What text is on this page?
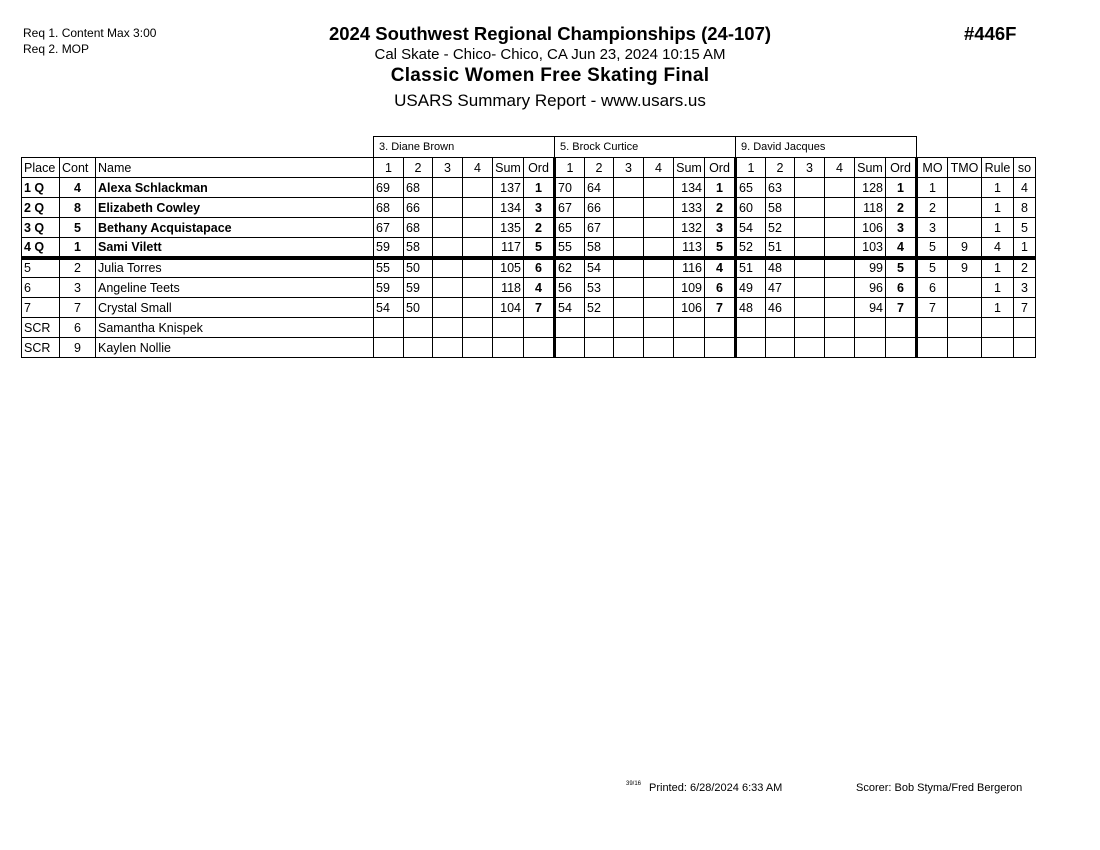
Req 1. Content Max 3:00
Req 2. MOP
2024 Southwest Regional Championships (24-107)	#446F
Cal Skate - Chico- Chico, CA Jun 23, 2024 10:15 AM
Classic Women Free Skating Final
USARS Summary Report - www.usars.us
3. Diane Brown	5. Brock Curtice	9. David Jacques
Place	Cont	Name	1	2	3	4	Sum	Ord	1	2	3	4	Sum	Ord	1	2	3	4	Sum	Ord	MO	TMO	Rule	so
1 Q	4	Alexa Schlackman	69	68			137	1	70	64			134	1	65	63			128	1	1		1	4
2 Q	8	Elizabeth Cowley	68	66			134	3	67	66			133	2	60	58			118	2	2		1	8
3 Q	5	Bethany Acquistapace	67	68			135	2	65	67			132	3	54	52			106	3	3		1	5
4 Q	1	Sami Vilett	59	58			117	5	55	58			113	5	52	51			103	4	5	9	4	1
5	2	Julia Torres	55	50			105	6	62	54			116	4	51	48			99	5	5	9	1	2
6	3	Angeline Teets	59	59			118	4	56	53			109	6	49	47			96	6	6		1	3
7	7	Crystal Small	54	50			104	7	54	52			106	7	48	46			94	7	7		1	7
SCR	6	Samantha Knispek																						
SCR	9	Kaylen Nollie																						
39/16 Printed: 6/28/2024 6:33 AM	Scorer: Bob Styma/Fred Bergeron
